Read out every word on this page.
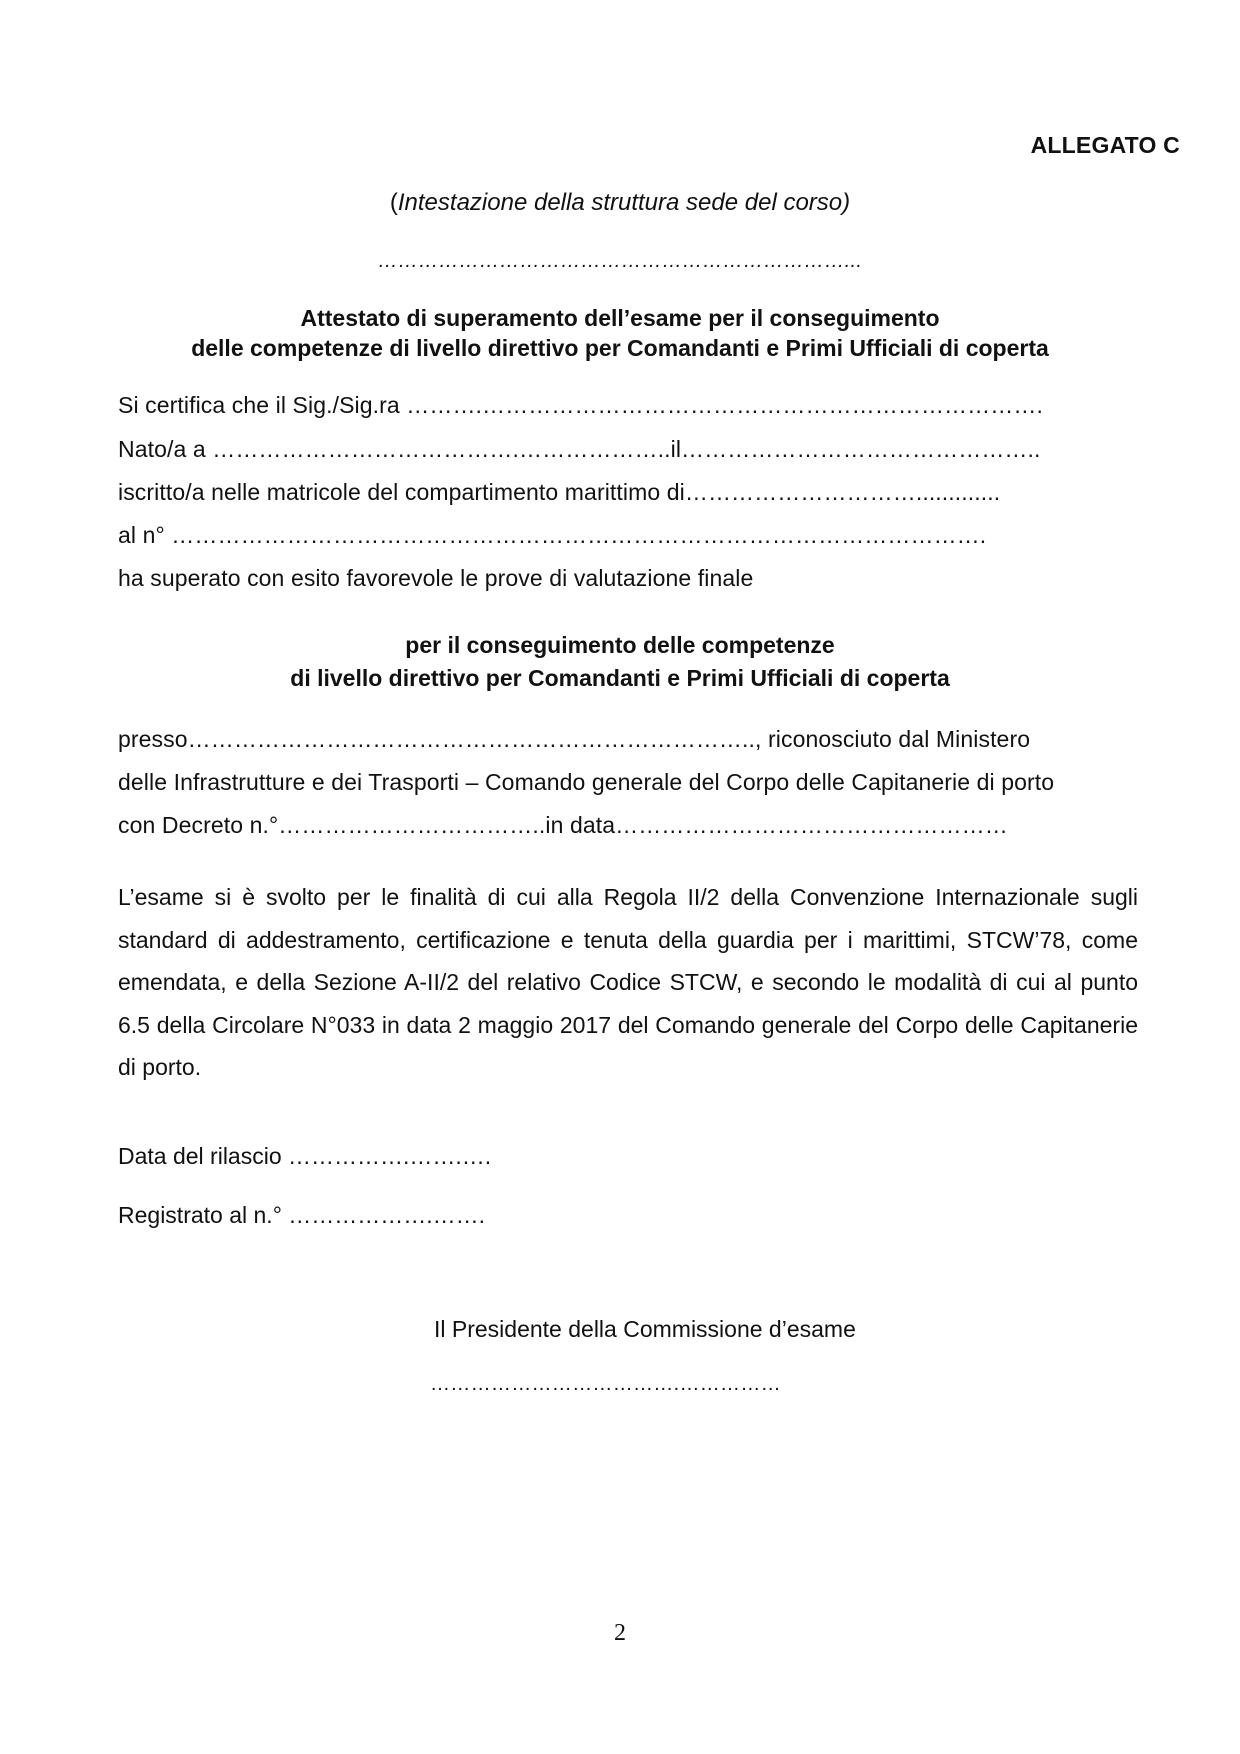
ALLEGATO C
(Intestazione della struttura sede del corso)
……………………………………………………………...
Attestato di superamento dell’esame per il conseguimento
delle competenze di livello direttivo per Comandanti e Primi Ufficiali di coperta
Si certifica che il Sig./Sig.ra ……….……………………………………………………………….
Nato/a a ………………………………….………………..il………………………………………..
iscritto/a nelle matricole del compartimento marittimo di………………………….............
al n° …………………………………………………………………………………………….
ha superato con esito favorevole le prove di valutazione finale
per il conseguimento delle competenze
di livello direttivo per Comandanti e Primi Ufficiali di coperta
presso……………………………………………………………….., riconosciuto dal Ministero
delle Infrastrutture e dei Trasporti – Comando generale del Corpo delle Capitanerie di porto
con Decreto n.°……………………………..in data……………………………………………
L’esame si è svolto per le finalità di cui alla Regola II/2 della Convenzione Internazionale sugli standard di addestramento, certificazione e tenuta della guardia per i marittimi, STCW’78, come emendata, e della Sezione A-II/2 del relativo Codice STCW, e secondo le modalità di cui al punto 6.5 della Circolare N°033 in data 2 maggio 2017 del Comando generale del Corpo delle Capitanerie di porto.
Data del rilascio …………….…….….
Registrato al n.° ……………….…….
Il Presidente della Commissione d’esame
……………………………….……………
2
